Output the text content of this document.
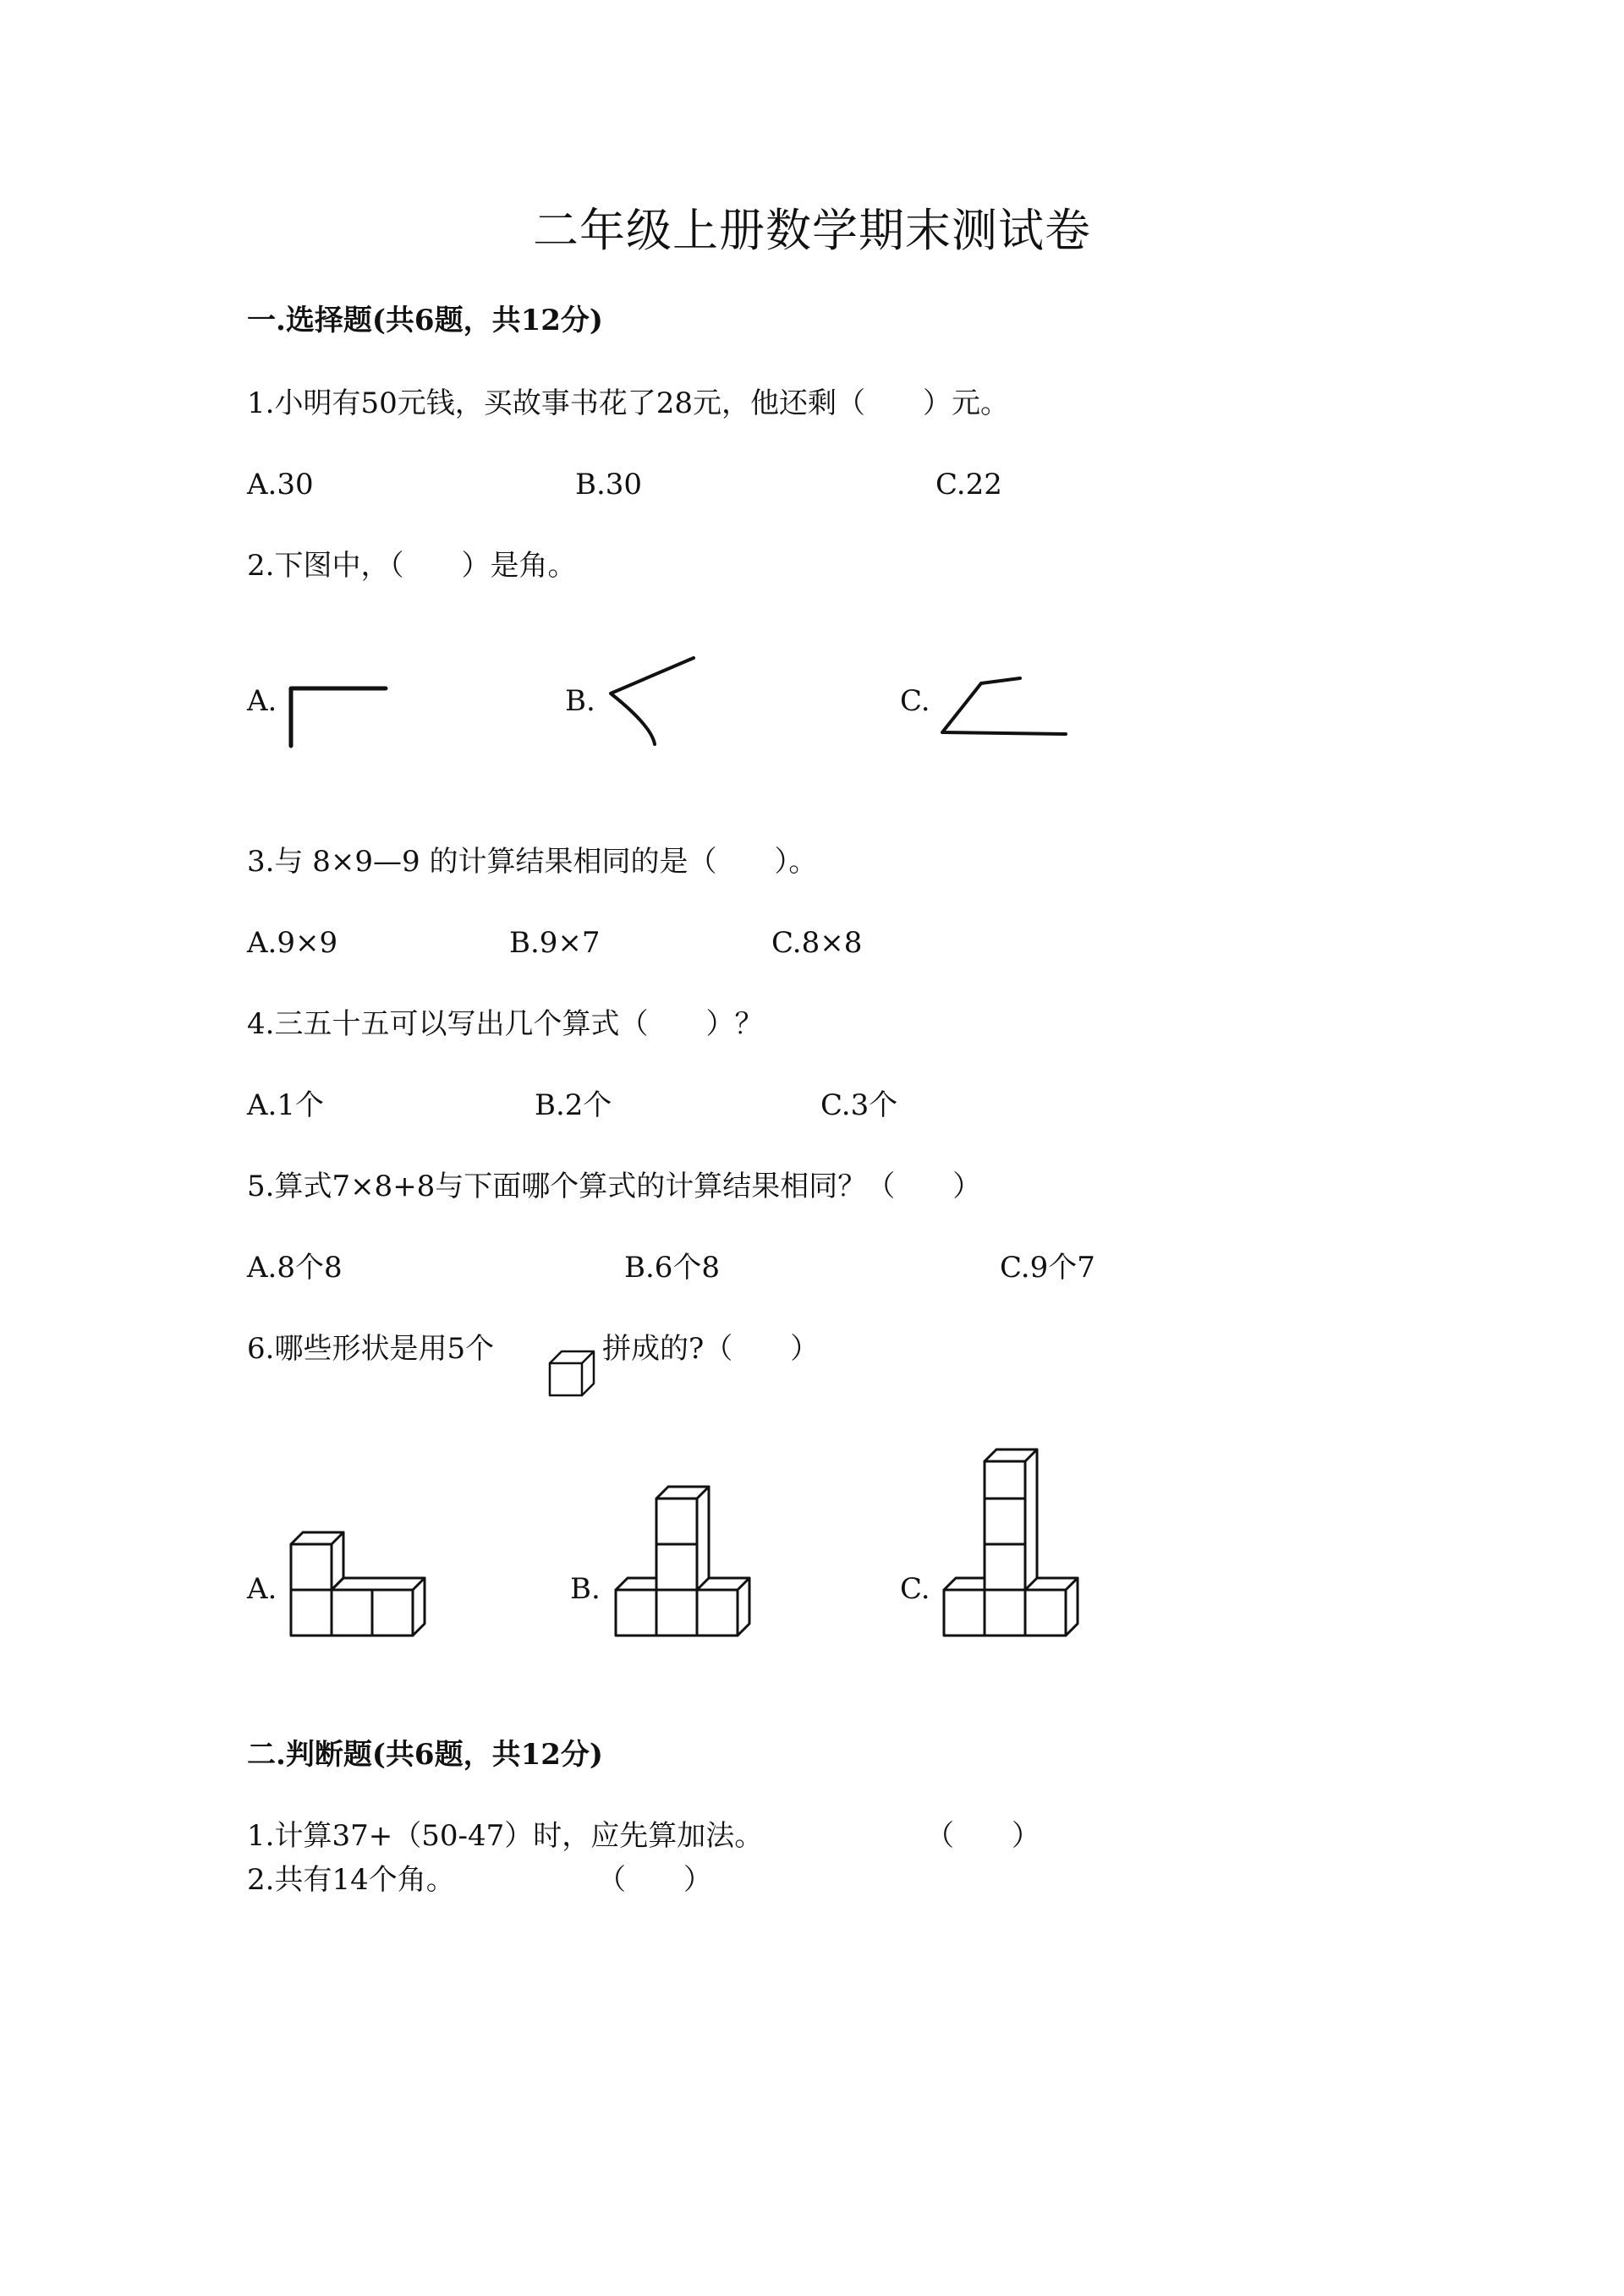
二年级上册数学期末测试卷
一.选择题(共6题，共12分)
1.小明有50元钱，买故事书花了28元，他还剩（　　）元。
A.30	B.30	C.22
2.下图中，（　　）是角。
A.	B.	C.
3.与 8×9—9 的计算结果相同的是（　　）。
A.9×9	B.9×7	C.8×8
4.三五十五可以写出几个算式（　　）？
A.1个	B.2个	C.3个
5.算式7×8+8与下面哪个算式的计算结果相同？（　　）
A.8个8	B.6个8	C.9个7
6.哪些形状是用5个	拼成的?（　　）
A.	B.	C.
二.判断题(共6题，共12分)
1.计算37+（50-47）时，应先算加法。	（　　）
2.共有14个角。	（　　）
